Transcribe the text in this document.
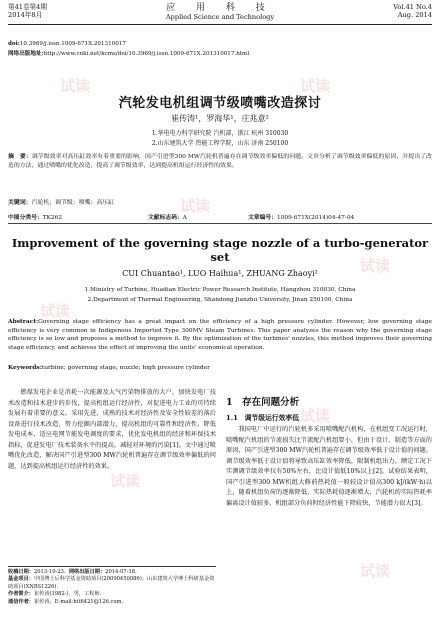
第41卷第4期
2014年8月
应 用 科 技
Applied Science and Technology
Vol.41 No.4
Aug. 2014
doi:10.3969/j.issn.1009-671X.201310017
网络出版地址:http://www.cnki.net/kcms/doi/10.3969/j.issn.1009-671X.201310017.html
汽轮发电机组调节级喷嘴改造探讨
崔传涛¹，罗海华¹，庄兆意²
1.华电电力科学研究院 汽机部，浙江 杭州 310030
2.山东建筑大学 热能工程学院，山东 济南 250100
摘　要：调节级效率对高压缸效率有着重要的影响，国产引进型300 MW汽轮机普遍存在调节级效率偏低的问题。文章分析了调节级效率偏低的原因，并提出了改造的方法，通过喷嘴的优化改造，提高了调节级效率，达到提高机组运行经济性的效果。
关键词：汽轮机；调节级；喷嘴；高压缸
中图分类号：TK262	文献标志码：A	文章编号：1009-671X(2014)04-47-04
Improvement of the governing stage nozzle of a turbo-generator set
CUI Chuantao¹, LUO Haihua¹, ZHUANG Zhaoyi²
1.Ministry of Turbine, Huadian Electric Power Research Institute, Hangzhou 310030, China
2.Department of Thermal Engineering, Shandong Jianzhu University, Jinan 250100, China
Abstract:Governing stage efficiency has a great impact on the efficiency of a high pressure cylinder. However, low governing stage efficiency is very common in Indigenous Imported Type 300MV Steam Turbines. This paper analyzes the reason why the governing stage efficiency is so low and proposes a method to improve it. By the optimization of the turbines' nozzles, this method improves their governing stage efficiency, and achieves the effect of improving the units' economical operation.
Keywords:turbine; governing stage; nozzle; high pressure cylinder

燃煤发电企业是消耗一次能源及大气污染物排放的大户，加快发电厂技术改造和技术进步的步伐，提高机组运行经济性，对促进电力工业的可持续发展有着重要的意义。采用先进、成熟的技术对经济性及安全性较差的落后设备进行技术改造，努力挖掘内部潜力，提高机组的可靠性和经济性，降低发电成本，适应电网节能发电调度的要求，优化发电机组的经济和环保技术指标，促进发电厂技术装备水平的提高，减轻对环境的污染[1]。文中通过喷嘴优化改造，解决国产引进型300 MW汽轮机普遍存在调节级效率偏低的问题，达到提高机组运行经济性的效果。

1　存在问题分析
1.1　调节级运行效率低

我国电厂中运行的汽轮机多采用喷嘴配汽机构，在机组变工况运行时，喷嘴配汽机组的节流损失比节流配汽机组要小，但由于设计、制造等方面的原因，国产引进型300 MW汽轮机普遍存在调节级效率低于设计值的问题。调节级效率低于设计值将导致高压缸效率降低，限制机组出力。额定工况下实测调节级效率仅有50%左右，比设计值低10%以上[2]。试验结果表明，国产引进型300 MW机组大修前热耗值一般较设计值高300 kJ/(kW·h)以上，随着机组负荷的逐渐降低，实际热耗值逐渐增大，汽轮机的实际热耗率偏离设计值较多，机组部分负荷时经济性能下降较快，节能潜力很大[3]。

收稿日期：2013-10-23. 网络出版日期：2014-07-18.
基金项目：中国博士后科学基金资助项目(20090450086)；山东建筑大学博士科研基金资助项目(XNBS1226).
作者简介：崔传涛(1982-)，男，工程师.
通信作者：崔传涛，E-mail:hit6421@126.com.
试读	试读
试读
试读
试读
试读
试读
试读
